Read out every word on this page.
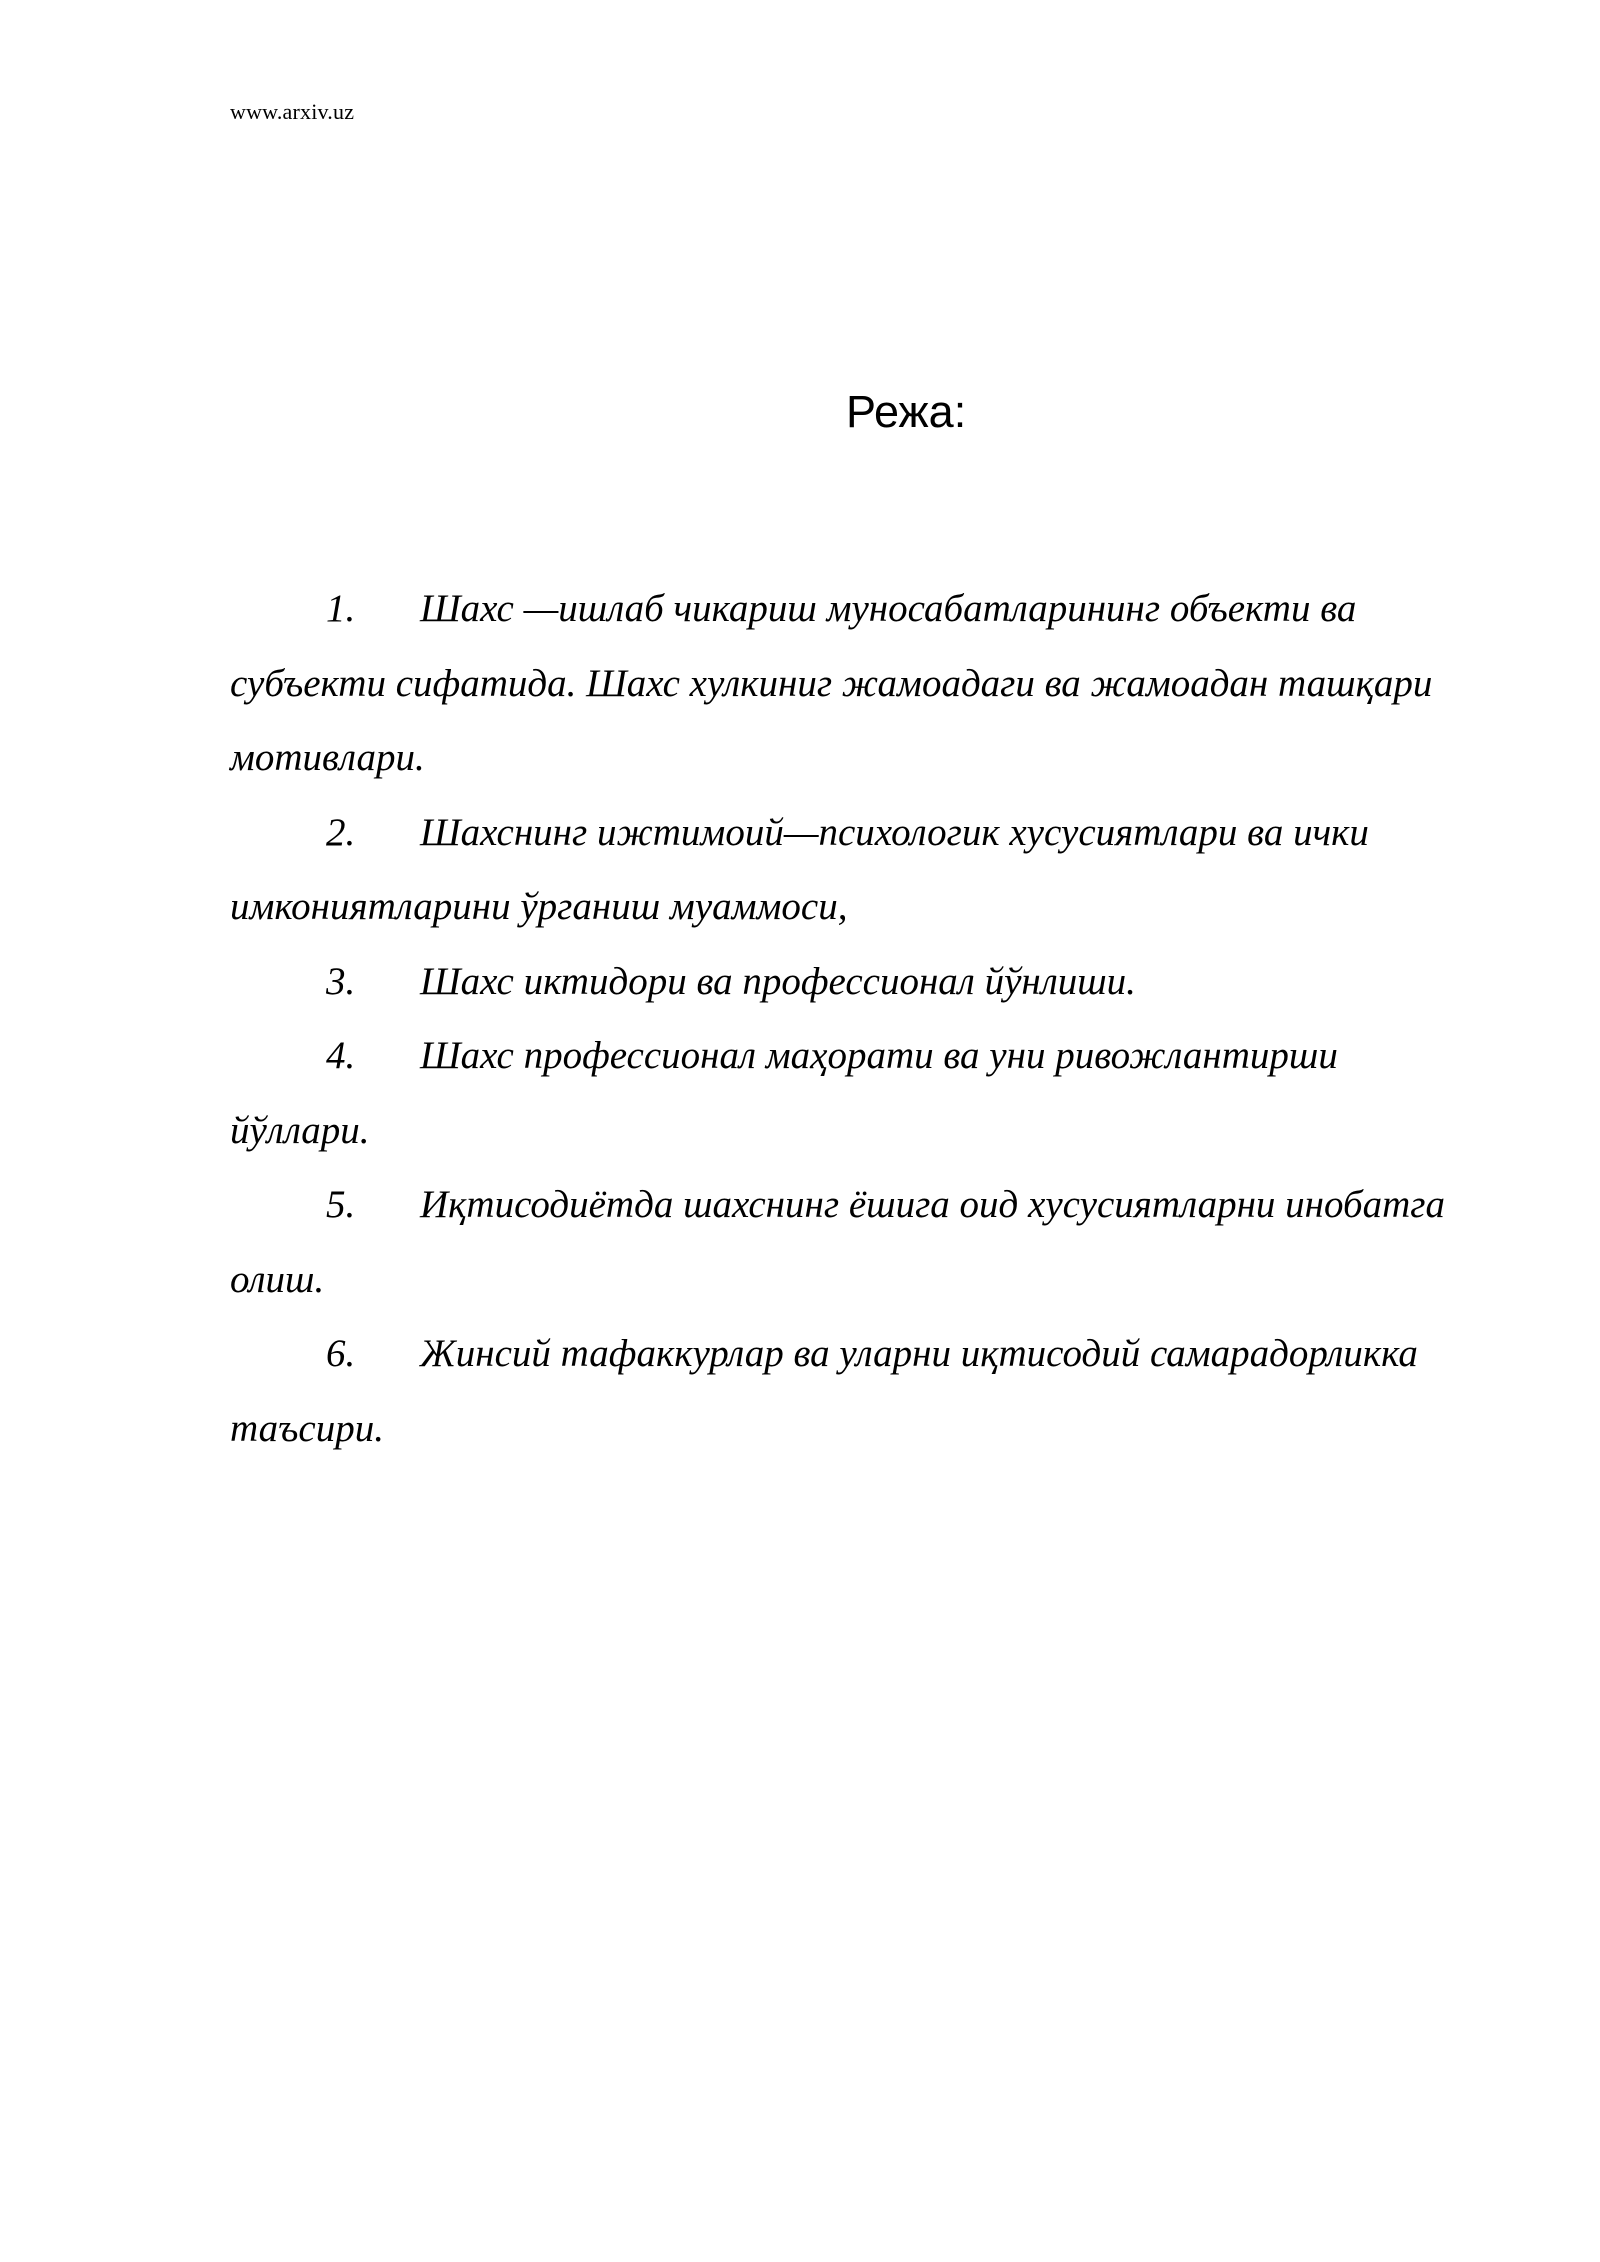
www.arxiv.uz
Режа:
1. Шахс —ишлаб чикариш муносабатларининг объекти ва субъекти сифатида. Шахс хулкиниг жамоадаги ва жамоадан ташқари мотивлари.
2. Шахснинг ижтимоий—психологик хусусиятлари ва ички имкониятларини ўрганиш муаммоси,
3. Шахс иктидори ва профессионал йўнлиши.
4. Шахс профессионал маҳорати ва уни ривожлантирши йўллари.
5. Иқтисодиётда шахснинг ёшига оид хусусиятларни инобатга олиш.
6. Жинсий тафаккурлар ва уларни иқтисодий самарадорликка таъсири.
